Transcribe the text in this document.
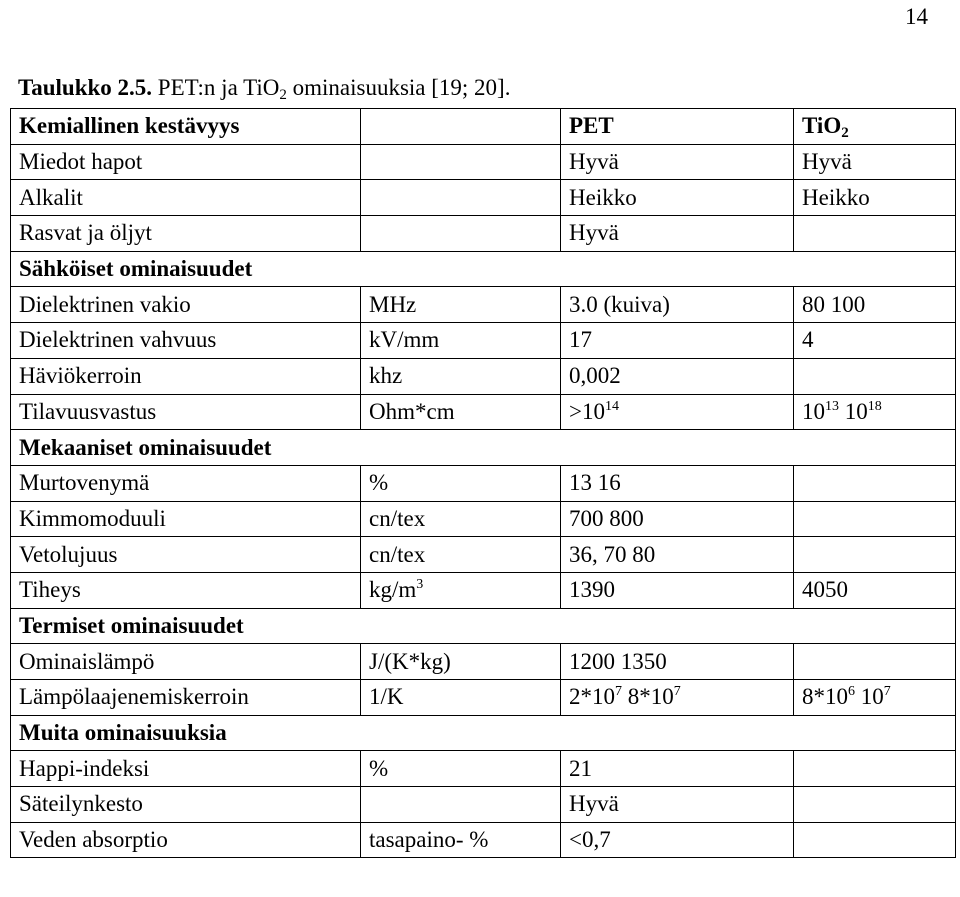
14
Taulukko 2.5. PET:n ja TiO$_2$ ominaisuuksia [19; 20].
Kemiallinen kestävyys		PET	TiO$_2$
Miedot hapot		Hyvä	Hyvä
Alkalit		Heikko	Heikko
Rasvat ja öljyt		Hyvä	
Sähköiset ominaisuudet			
Dielektrinen vakio	MHz	3.0 (kuiva)	80 100
Dielektrinen vahvuus	kV/mm	17	4
Häviökerroin	khz	0,002	
Tilavuusvastus	Ohm*cm	$>10^{14}$	$10^{13}$ $10^{18}$
Mekaaniset ominaisuudet			
Murtovenymä	%	13 16	
Kimmomoduuli	cn/tex	700 800	
Vetolujuus	cn/tex	36, 70 80	
Tiheys	$kg/m^3$	1390	4050
Termiset ominaisuudet			
Ominaislämpö	J/(K*kg)	1200 1350	
Lämpölaajenemiskerroin	1/K	$2*10^7$ $8*10^7$	$8*10^6$ $10^7$
Muita ominaisuuksia			
Happi-indeksi	%	21	
Säteilynkesto		Hyvä	
Veden absorptio	tasapaino- %	<0,7	
